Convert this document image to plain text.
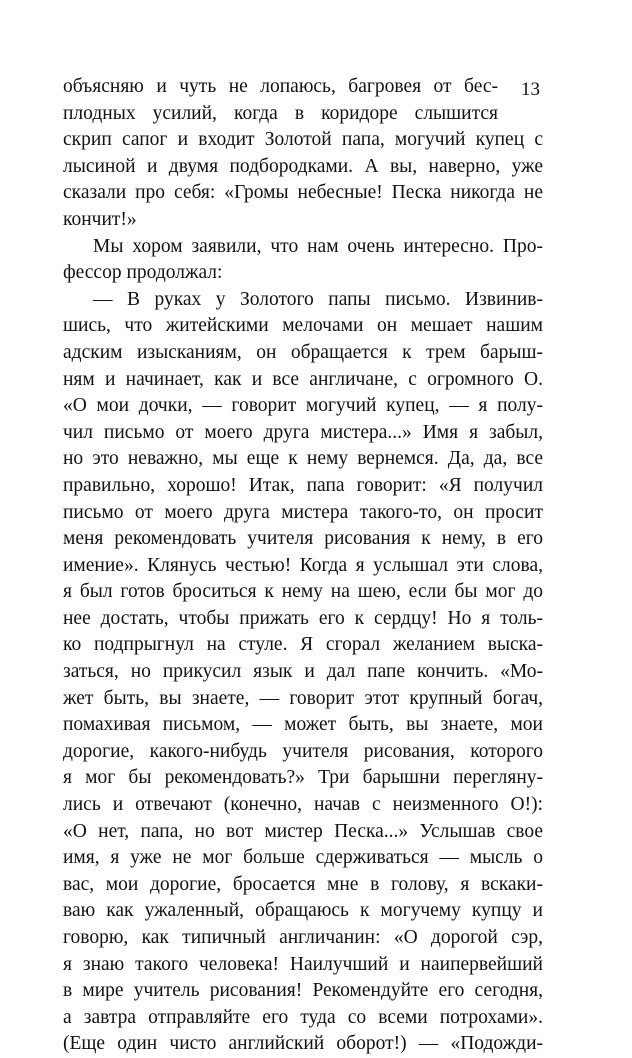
13
объясняю и чуть не лопаюсь, багровея от бес-
плодных усилий, когда в коридоре слышится
скрип сапог и входит Золотой папа, могучий купец с
лысиной и двумя подбородками. А вы, наверно, уже
сказали про себя: «Громы небесные! Песка никогда не
кончит!»
Мы хором заявили, что нам очень интересно. Про-
фессор продолжал:
— В руках у Золотого папы письмо. Извинив-
шись, что житейскими мелочами он мешает нашим
адским изысканиям, он обращается к трем барыш-
ням и начинает, как и все англичане, с огромного О.
«О мои дочки, — говорит могучий купец, — я полу-
чил письмо от моего друга мистера...» Имя я забыл,
но это неважно, мы еще к нему вернемся. Да, да, все
правильно, хорошо! Итак, папа говорит: «Я получил
письмо от моего друга мистера такого-то, он просит
меня рекомендовать учителя рисования к нему, в его
имение». Клянусь честью! Когда я услышал эти слова,
я был готов броситься к нему на шею, если бы мог до
нее достать, чтобы прижать его к сердцу! Но я толь-
ко подпрыгнул на стуле. Я сгорал желанием выска-
заться, но прикусил язык и дал папе кончить. «Мо-
жет быть, вы знаете, — говорит этот крупный богач,
помахивая письмом, — может быть, вы знаете, мои
дорогие, какого-нибудь учителя рисования, которого
я мог бы рекомендовать?» Три барышни перегляну-
лись и отвечают (конечно, начав с неизменного О!):
«О нет, папа, но вот мистер Песка...» Услышав свое
имя, я уже не мог больше сдерживаться — мысль о
вас, мои дорогие, бросается мне в голову, я вскаки-
ваю как ужаленный, обращаюсь к могучему купцу и
говорю, как типичный англичанин: «О дорогой сэр,
я знаю такого человека! Наилучший и наипервейший
в мире учитель рисования! Рекомендуйте его сегодня,
а завтра отправляйте его туда со всеми потрохами».
(Еще один чисто английский оборот!) — «Подожди-
